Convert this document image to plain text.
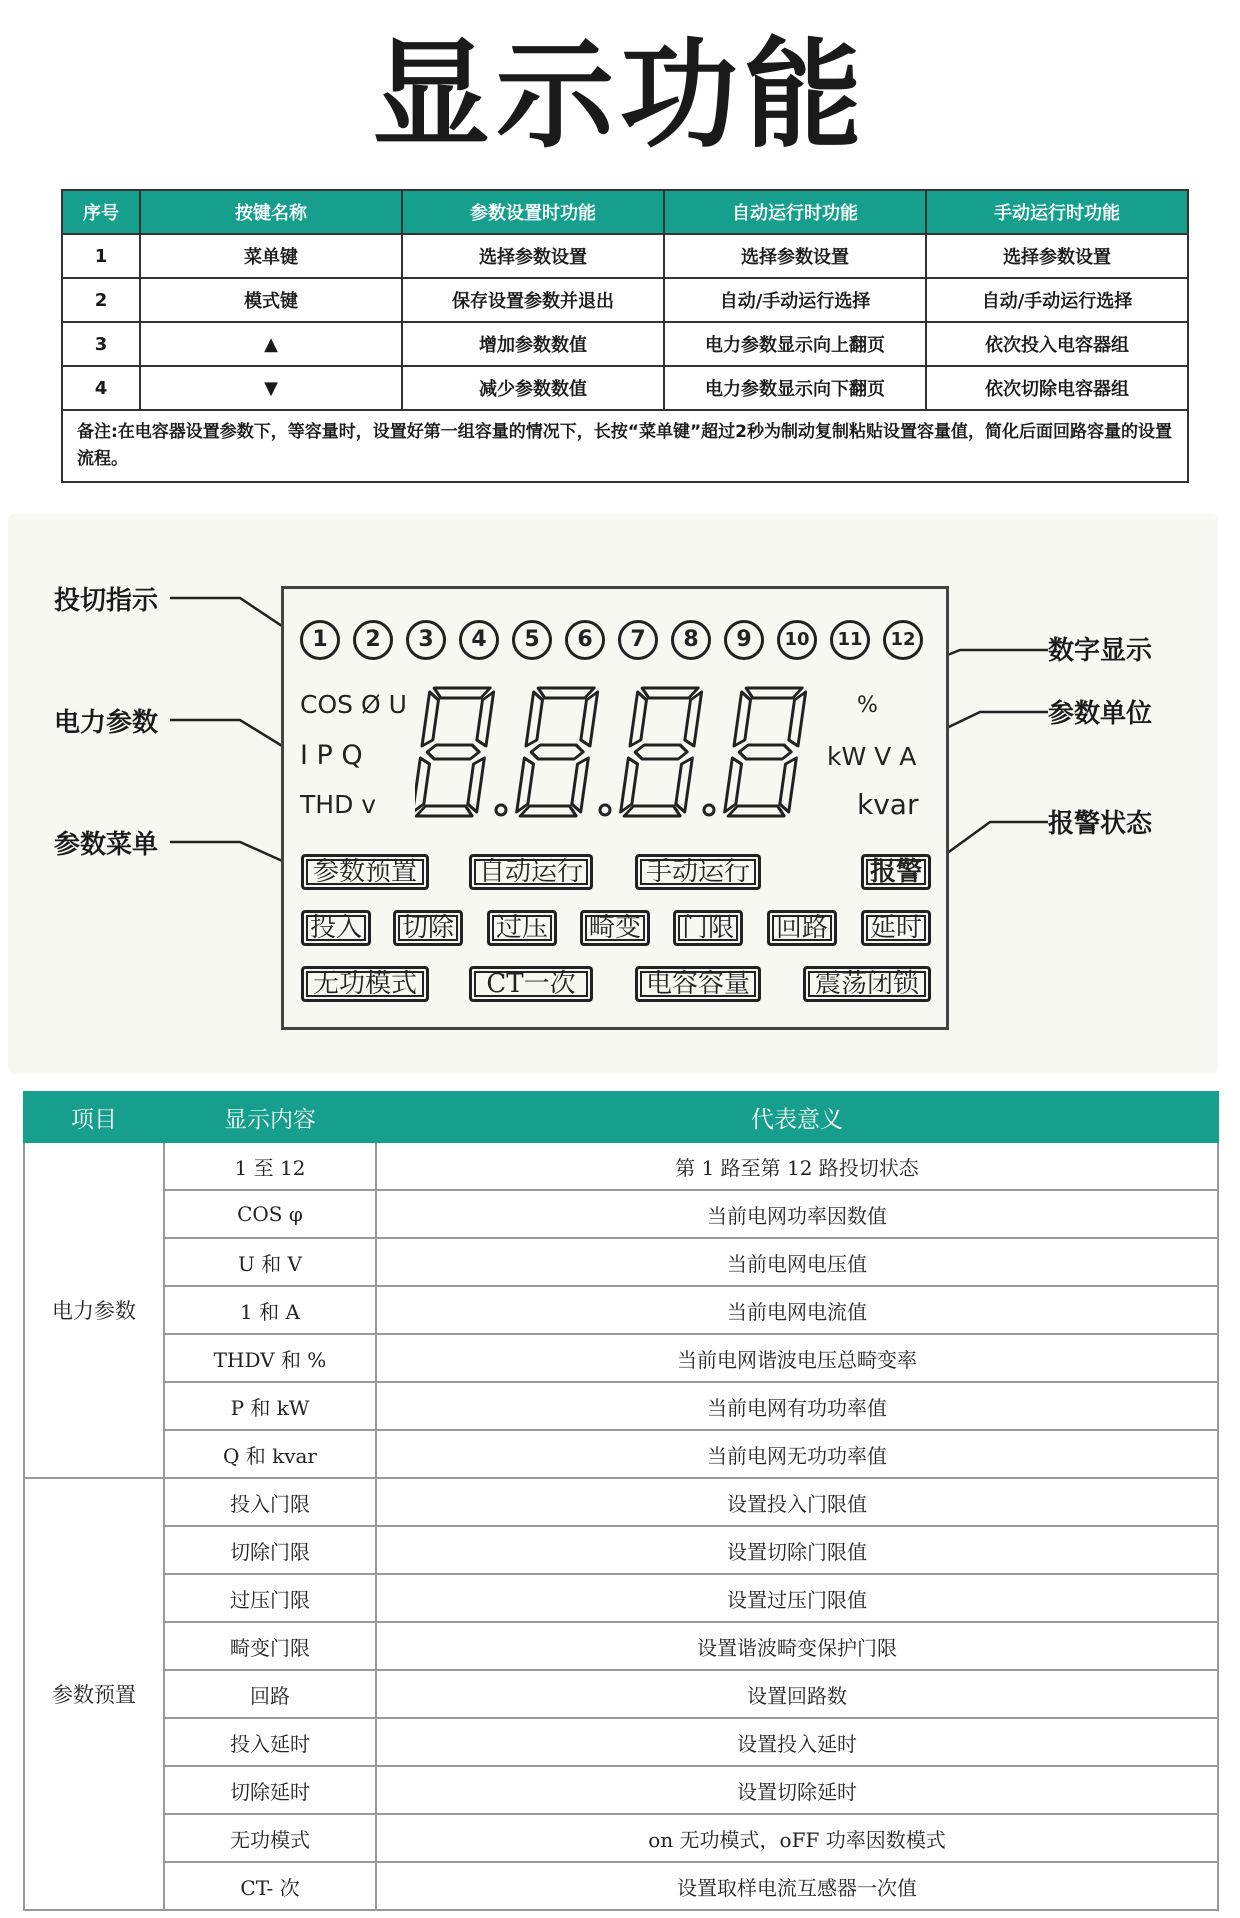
显示功能
序号	按键名称	参数设置时功能	自动运行时功能	手动运行时功能
1	菜单键	选择参数设置	选择参数设置	选择参数设置
2	模式键	保存设置参数并退出	自动/手动运行选择	自动/手动运行选择
3	▲	增加参数数值	电力参数显示向上翻页	依次投入电容器组
4	▼	减少参数数值	电力参数显示向下翻页	依次切除电容器组
备注:在电容器设置参数下，等容量时，设置好第一组容量的情况下，长按“菜单键”超过2秒为制动复制粘贴设置容量值，简化后面回路容量的设置流程。				
投切指示
电力参数
参数菜单
数字显示
参数单位
报警状态
1	2	3	4	5	6	7	8	9	10	11	12
COS Ø U
I P Q
THD v
%
kW V A
kvar
参数预置	自动运行	手动运行	报警
投入	切除	过压	畸变	门限	回路	延时
无功模式	CT一次	电容容量	震荡闭锁
项目	显示内容	代表意义
电力参数	1 至 12	第 1 路至第 12 路投切状态
	COS φ	当前电网功率因数值
	U 和 V	当前电网电压值
	1 和 A	当前电网电流值
	THDV 和 %	当前电网谐波电压总畸变率
	P 和 kW	当前电网有功功率值
	Q 和 kvar	当前电网无功功率值
参数预置	投入门限	设置投入门限值
	切除门限	设置切除门限值
	过压门限	设置过压门限值
	畸变门限	设置谐波畸变保护门限
	回路	设置回路数
	投入延时	设置投入延时
	切除延时	设置切除延时
	无功模式	on 无功模式，oFF 功率因数模式
	CT- 次	设置取样电流互感器一次值
